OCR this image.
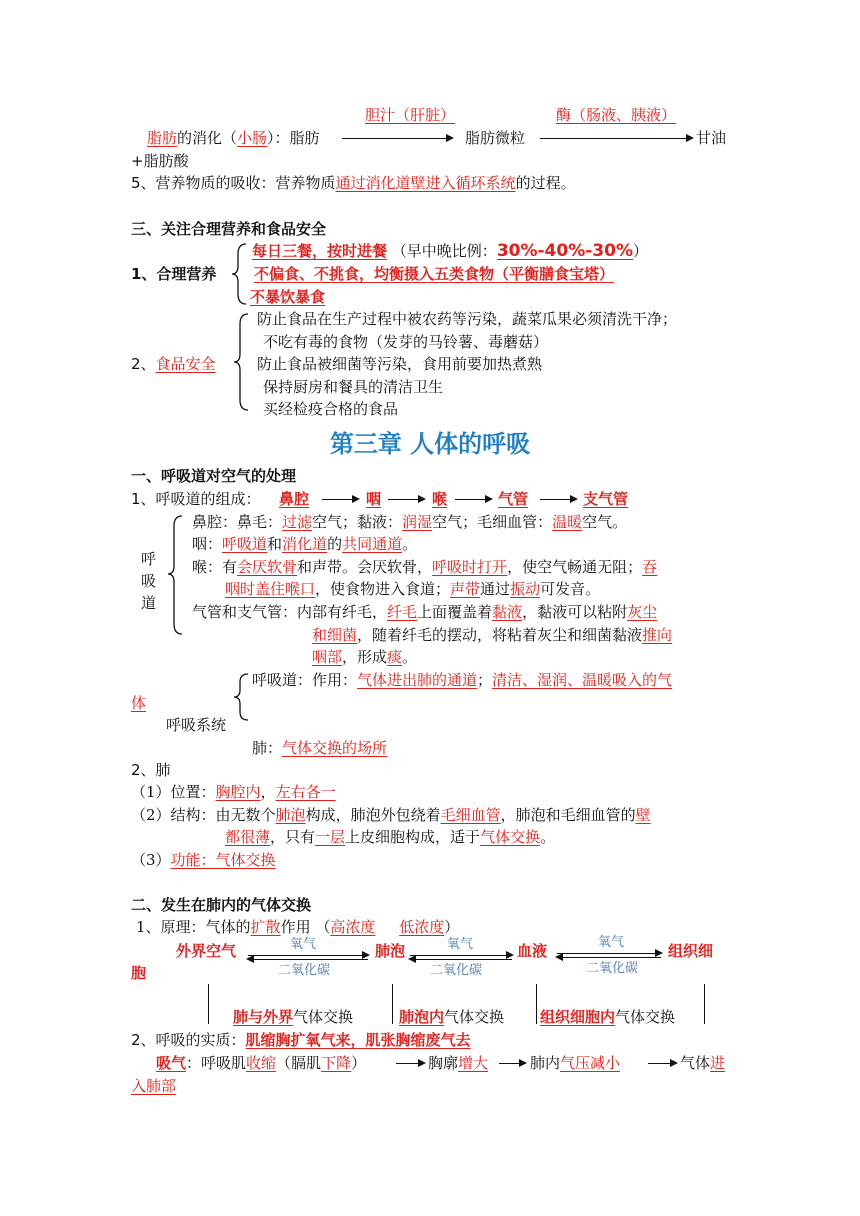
胆汁（肝脏）	酶（肠液、胰液）
脂肪的消化（小肠）：脂肪	脂肪微粒	甘油
+脂肪酸
5、营养物质的吸收：营养物质通过消化道壁进入循环系统的过程。
三、关注合理营养和食品安全
1、合理营养
每日三餐，按时进餐 （早中晚比例：30%-40%-30%）
不偏食、不挑食，均衡摄入五类食物（平衡膳食宝塔）
不暴饮暴食
2、食品安全
防止食品在生产过程中被农药等污染，蔬菜瓜果必须清洗干净；
不吃有毒的食物（发芽的马铃薯、毒蘑菇）
防止食品被细菌等污染，食用前要加热煮熟
保持厨房和餐具的清洁卫生
买经检疫合格的食品
第三章 人体的呼吸
一、呼吸道对空气的处理
1、呼吸道的组成： 鼻腔	咽	喉	气管	支气管
呼
吸
道
鼻腔：鼻毛：过滤空气；黏液：润湿空气；毛细血管：温暖空气。
咽：呼吸道和消化道的共同通道。
喉：有会厌软骨和声带。会厌软骨，呼吸时打开，使空气畅通无阻；吞
咽时盖住喉口，使食物进入食道；声带通过振动可发音。
气管和支气管：内部有纤毛，纤毛上面覆盖着黏液，黏液可以粘附灰尘
和细菌，随着纤毛的摆动，将粘着灰尘和细菌黏液推向
咽部，形成痰。
呼吸道：作用：气体进出肺的通道；清洁、湿润、温暖吸入的气
体
呼吸系统
肺：气体交换的场所
2、肺
（1）位置：胸腔内，左右各一
（2）结构：由无数个肺泡构成，肺泡外包绕着毛细血管，肺泡和毛细血管的壁
都很薄，只有一层上皮细胞构成，适于气体交换。
（3）功能：气体交换
二、发生在肺内的气体交换
1、原理：气体的扩散作用 （高浓度 低浓度）
外界空气	氧气
二氧化碳
肺泡	氧气
二氧化碳
血液	氧气
二氧化碳
组织细
胞
肺与外界气体交换	肺泡内气体交换 组织细胞内气体交换
2、呼吸的实质：肌缩胸扩氧气来，肌张胸缩废气去
吸气：呼吸肌收缩（膈肌下降）	胸廓增大	肺内气压减小	气体进
入肺部
